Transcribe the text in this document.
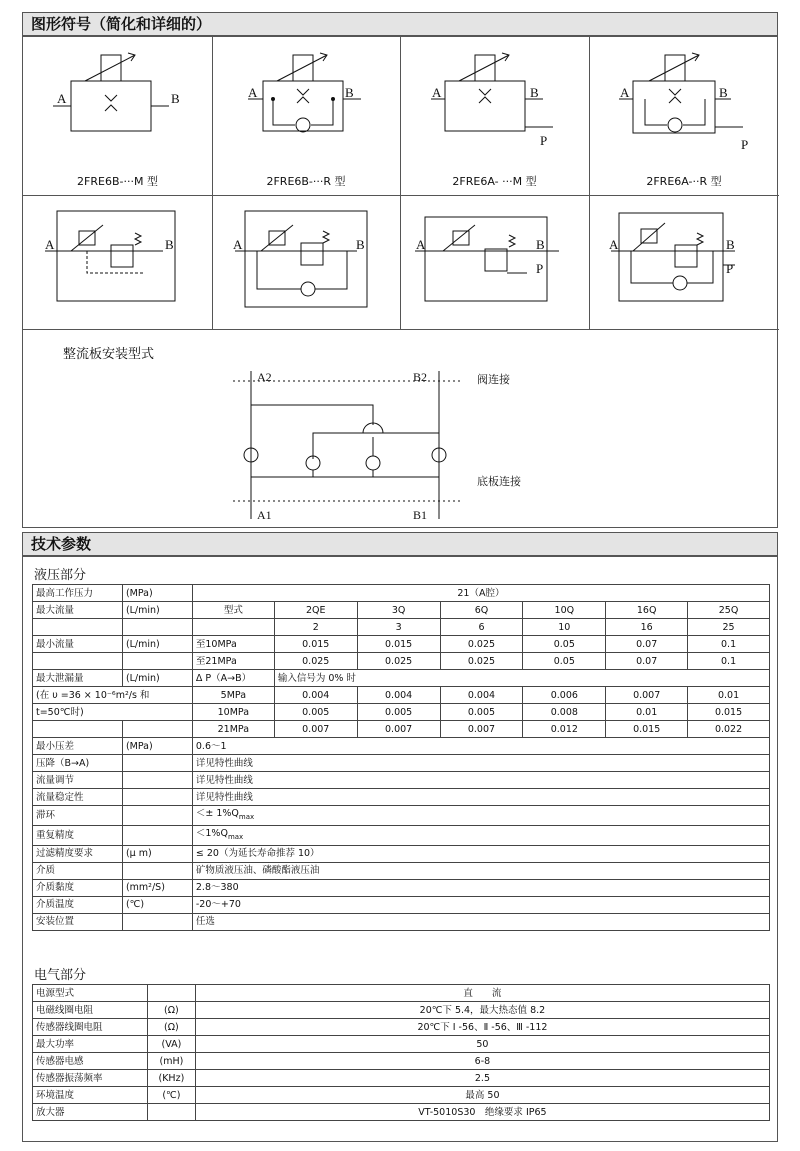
图形符号（简化和详细的）
2FRE6B-···M 型	2FRE6B-···R 型	2FRE6A- ···M 型	2FRE6A-··R 型
A	B	A	B	A	B
P
A	B
P
A	B	A	B	A	B
P
A	B
P
整流板安装型式
A2	B2
A1	B1
阀连接
底板连接
技术参数
液压部分
最高工作压力	(MPa)	21（A腔）						
最大流量	(L/min)	型式	2QE	3Q	6Q	10Q	16Q	25Q
			2	3	6	10	16	25
最小流量	(L/min)	至10MPa	0.015	0.015	0.025	0.05	0.07	0.1
		至21MPa	0.025	0.025	0.025	0.05	0.07	0.1
最大泄漏量	(L/min)	Δ P（A→B）	输入信号为 0% 时					
(在 υ =36 × 10⁻⁶m²/s 和		5MPa	0.004	0.004	0.004	0.006	0.007	0.01
t=50℃时)		10MPa	0.005	0.005	0.005	0.008	0.01	0.015
		21MPa	0.007	0.007	0.007	0.012	0.015	0.022
最小压差	(MPa)	0.6～1						
压降（B→A)		详见特性曲线						
流量调节		详见特性曲线						
流量稳定性		详见特性曲线						
滞环		＜± $1\%Q_{max}$
重复精度		$<1\%Q_{max}$
过滤精度要求	(μ m)	≤ 20（为延长寿命推荐 10）						
介质		矿物质液压油、磷酸酯液压油						
介质黏度	(mm²/S)	2.8～380						
介质温度	(℃)	-20～+70						
安装位置		任选						
电气部分
电源型式		直　　流
电磁线圈电阻	(Ω)	20℃下 5.4，最大热态值 8.2
传感器线圈电阻	(Ω)	20℃下 Ⅰ -56、Ⅱ -56、Ⅲ -112
最大功率	(VA)	50
传感器电感	(mH)	6-8
传感器振荡频率	(KHz)	2.5
环境温度	(℃)	最高 50
放大器		VT-5010S30　绝缘要求 IP65
